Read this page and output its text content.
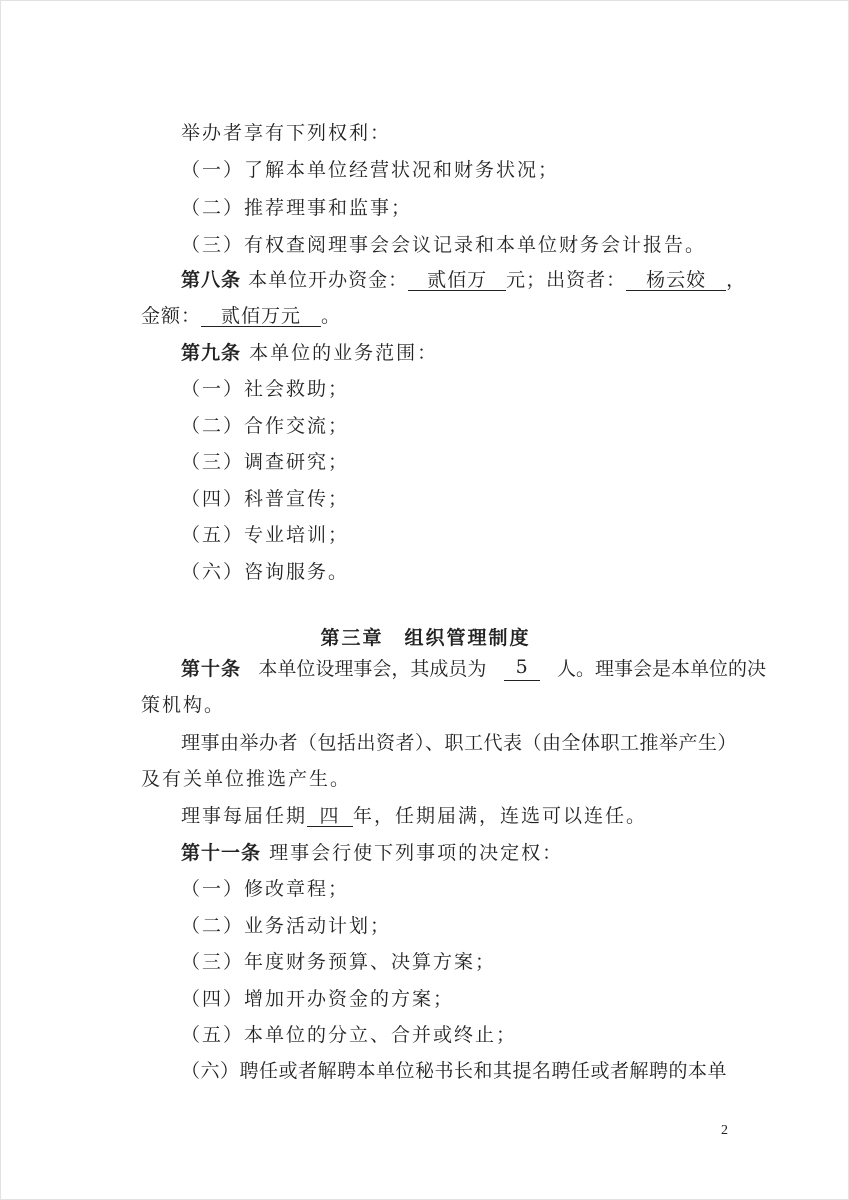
举办者享有下列权利：
（一）了解本单位经营状况和财务状况；
（二）推荐理事和监事；
（三）有权查阅理事会会议记录和本单位财务会计报告。
第八条 本单位开办资金： 贰佰万 元；出资者： 杨云姣 ，
金额： 贰佰万元 。
第九条 本单位的业务范围：
（一）社会救助；
（二）合作交流；
（三）调查研究；
（四）科普宣传；
（五）专业培训；
（六）咨询服务。
第三章　组织管理制度
第十条 本单位设理事会，其成员为	5	人。理事会是本单位的决
策机构。
理事由举办者（包括出资者）、职工代表（由全体职工推举产生）
及有关单位推选产生。
理事每届任期 四 年，任期届满，连选可以连任。
第十一条 理事会行使下列事项的决定权：
（一）修改章程；
（二）业务活动计划；
（三）年度财务预算、决算方案；
（四）增加开办资金的方案；
（五）本单位的分立、合并或终止；
（六）聘任或者解聘本单位秘书长和其提名聘任或者解聘的本单
2
